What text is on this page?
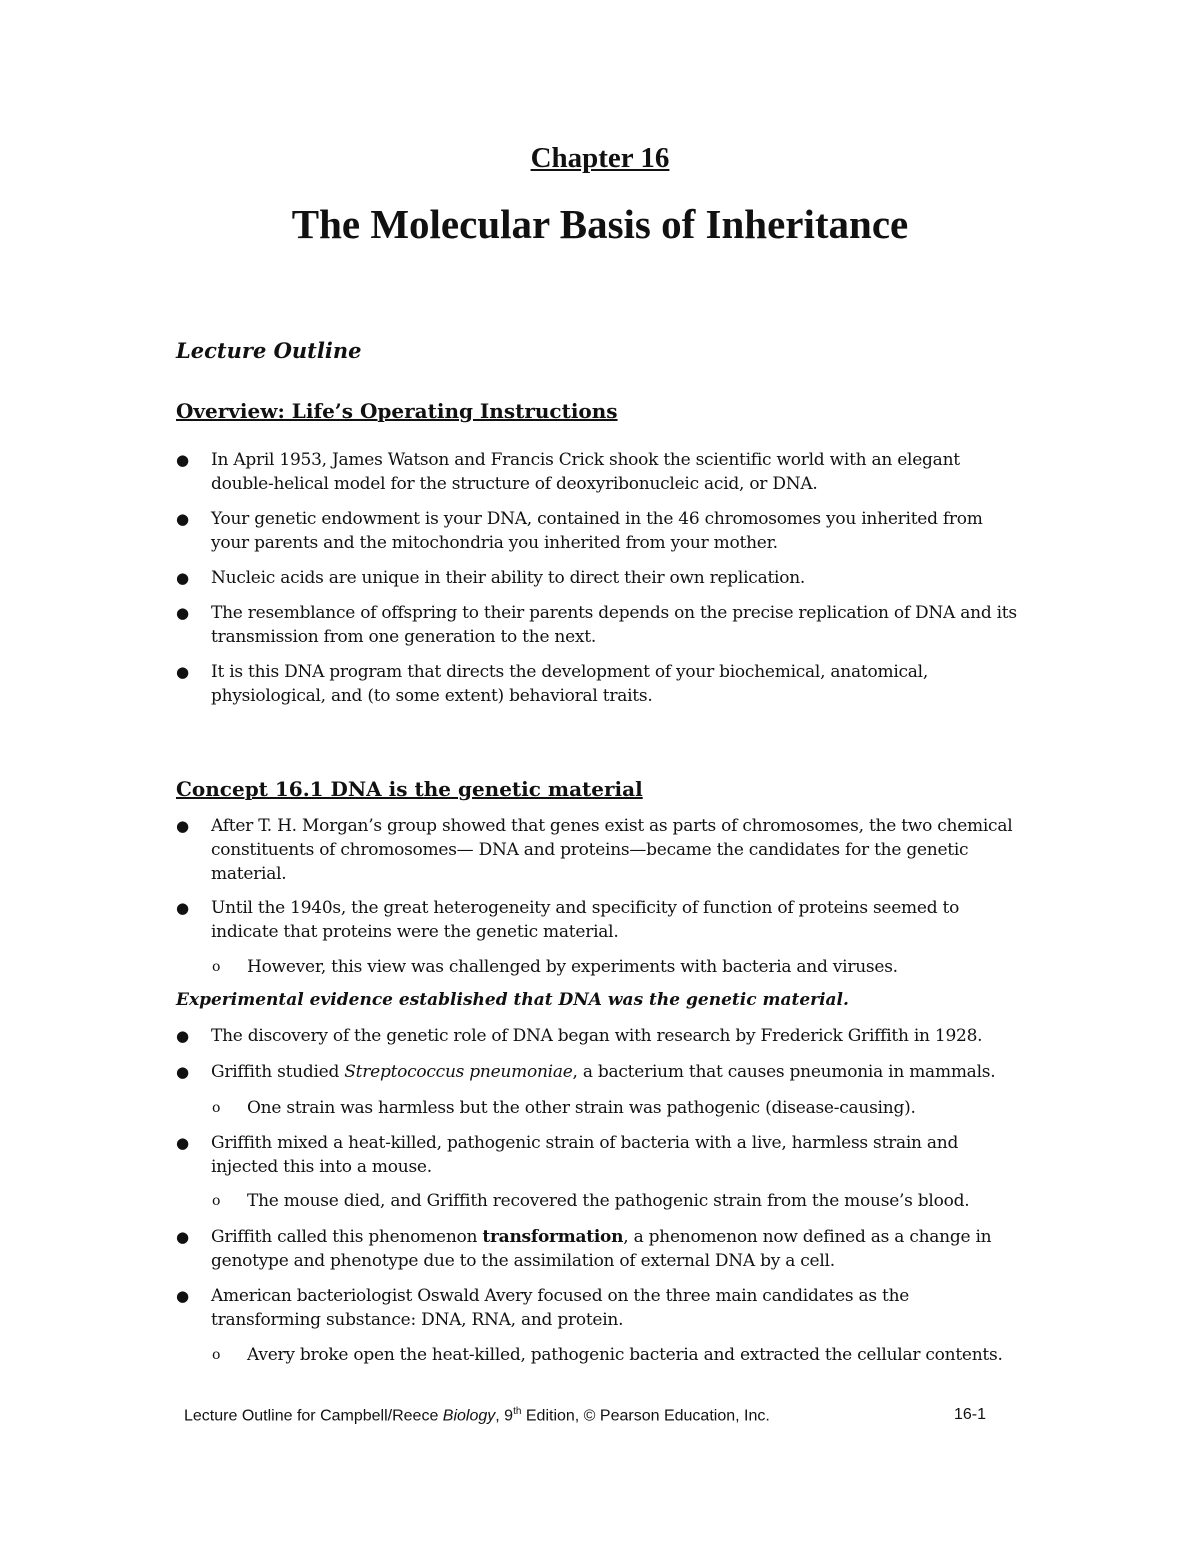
Chapter 16
The Molecular Basis of Inheritance
Lecture Outline
Overview: Life’s Operating Instructions
● In April 1953, James Watson and Francis Crick shook the scientific world with an elegant double-helical model for the structure of deoxyribonucleic acid, or DNA.
● Your genetic endowment is your DNA, contained in the 46 chromosomes you inherited from your parents and the mitochondria you inherited from your mother.
● Nucleic acids are unique in their ability to direct their own replication.
● The resemblance of offspring to their parents depends on the precise replication of DNA and its transmission from one generation to the next.
● It is this DNA program that directs the development of your biochemical, anatomical, physiological, and (to some extent) behavioral traits.
Concept 16.1 DNA is the genetic material
● After T. H. Morgan’s group showed that genes exist as parts of chromosomes, the two chemical constituents of chromosomes— DNA and proteins—became the candidates for the genetic material.
● Until the 1940s, the great heterogeneity and specificity of function of proteins seemed to indicate that proteins were the genetic material.
o However, this view was challenged by experiments with bacteria and viruses.
Experimental evidence established that DNA was the genetic material.
● The discovery of the genetic role of DNA began with research by Frederick Griffith in 1928.
● Griffith studied Streptococcus pneumoniae, a bacterium that causes pneumonia in mammals.
o One strain was harmless but the other strain was pathogenic (disease-causing).
● Griffith mixed a heat-killed, pathogenic strain of bacteria with a live, harmless strain and injected this into a mouse.
o The mouse died, and Griffith recovered the pathogenic strain from the mouse’s blood.
● Griffith called this phenomenon transformation, a phenomenon now defined as a change in genotype and phenotype due to the assimilation of external DNA by a cell.
● American bacteriologist Oswald Avery focused on the three main candidates as the transforming substance: DNA, RNA, and protein.
o Avery broke open the heat-killed, pathogenic bacteria and extracted the cellular contents.
Lecture Outline for Campbell/Reece Biology, 9th Edition, © Pearson Education, Inc.	16-1
